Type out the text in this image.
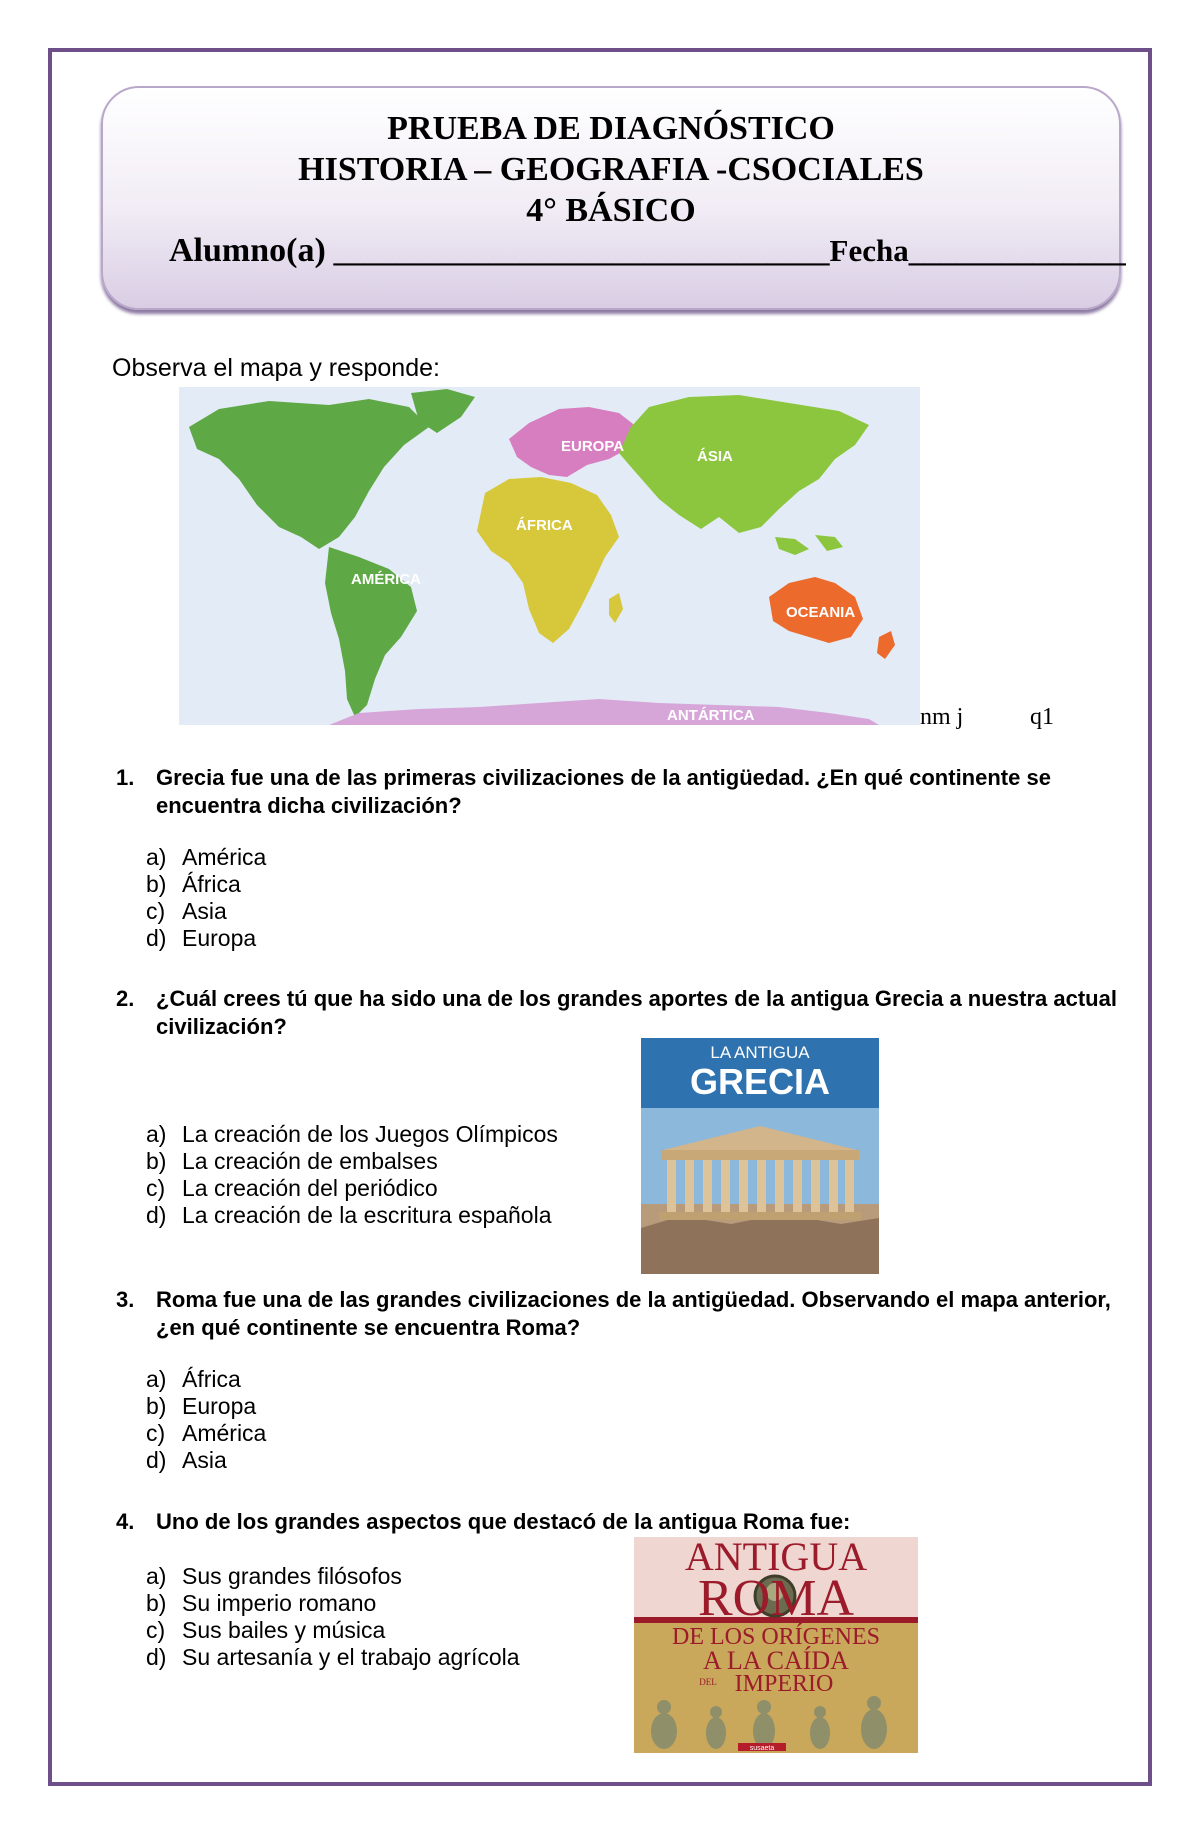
PRUEBA DE DIAGNÓSTICO
HISTORIA – GEOGRAFIA -CSOCIALES
4° BÁSICO
Alumno(a) ________________________________Fecha______________
Observa el mapa y responde:
AMÉRICA
EUROPA
ÁSIA
ÁFRICA
OCEANIA
ANTÁRTICA	nm j	q1
1. Grecia fue una de las primeras civilizaciones de la antigüedad. ¿En qué continente se encuentra dicha civilización?
a) América
b) África
c) Asia
d) Europa
2. ¿Cuál crees tú que ha sido una de los grandes aportes de la antigua Grecia a nuestra actual civilización?
a) La creación de los Juegos Olímpicos
b) La creación de embalses
c) La creación del periódico
d) La creación de la escritura española
LA ANTIGUA
GRECIA
3. Roma fue una de las grandes civilizaciones de la antigüedad. Observando el mapa anterior, ¿en qué continente se encuentra Roma?
a) África
b) Europa
c) América
d) Asia
4. Uno de los grandes aspectos que destacó de la antigua Roma fue:
a) Sus grandes filósofos
b) Su imperio romano
c) Sus bailes y música
d) Su artesanía y el trabajo agrícola
susaeta
ANTIGUA
ROMA
DE LOS ORÍGENES
A LA CAÍDA
DEL IMPERIO
